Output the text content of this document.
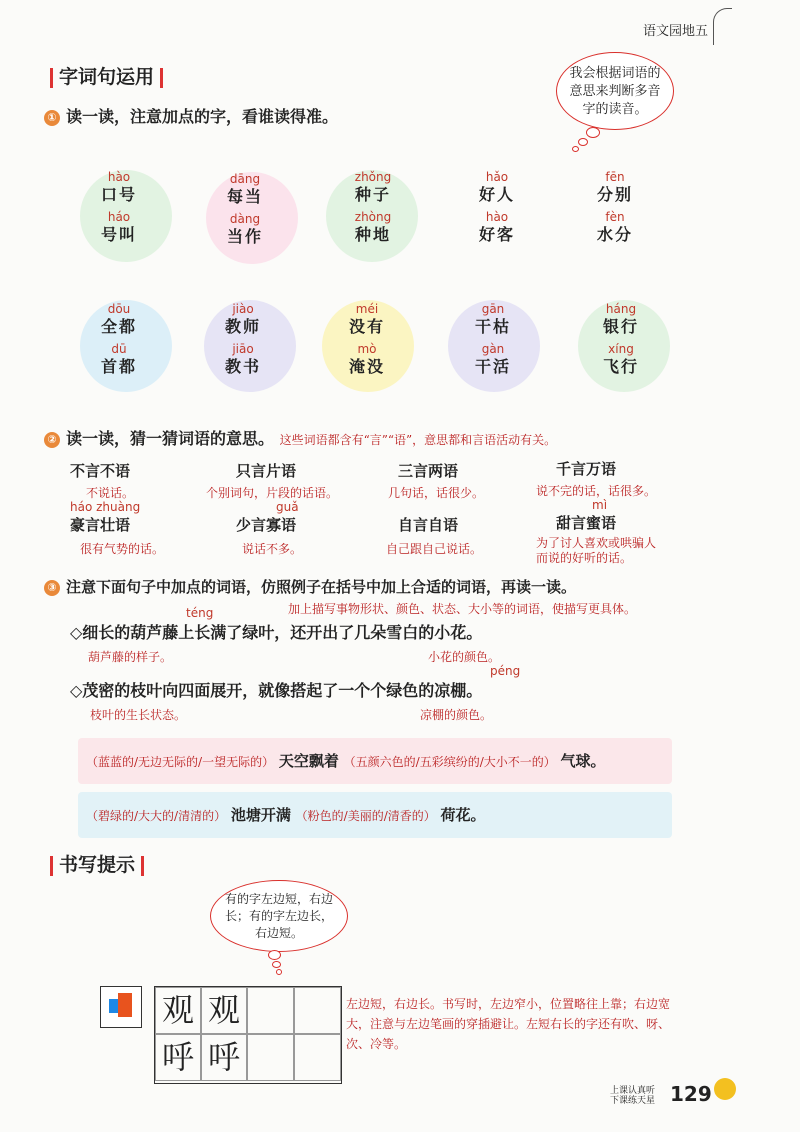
语文园地五
字词句运用	我会根据词语的意思来判断多音字的读音。
① 读一读，注意加点的字，看谁读得准。
hào
口号
háo
号叫
dāng
每当
dàng
当作
zhǒng
种子
zhòng
种地
hǎo
好人
hào
好客
fēn
分别
fèn
水分
dōu
全都
dū
首都
jiào
教师
jiāo
教书
méi
没有
mò
淹没
gān
干枯
gàn
干活
háng
银行
xíng
飞行
② 读一读，猜一猜词语的意思。 这些词语都含有“言”“语”，意思都和言语活动有关。
不言不语
不说话。
只言片语
个别词句，片段的话语。
三言两语
几句话，话很少。
千言万语
说不完的话，话很多。
háo zhuàng
豪言壮语
很有气势的话。
guǎ
少言寡语
说话不多。
自言自语
自己跟自己说话。
mì
甜言蜜语
为了讨人喜欢或哄骗人而说的好听的话。
③ 注意下面句子中加点的词语，仿照例子在括号中加上合适的词语，再读一读。
加上描写事物形状、颜色、状态、大小等的词语，使描写更具体。
téng
◇细长的葫芦藤上长满了绿叶，还开出了几朵雪白的小花。
葫芦藤的样子。	小花的颜色。
péng
◇茂密的枝叶向四面展开，就像搭起了一个个绿色的凉棚。
枝叶的生长状态。	凉棚的颜色。
（蓝蓝的/无边无际的/一望无际的） 天空飘着 （五颜六色的/五彩缤纷的/大小不一的） 气球。
（碧绿的/大大的/清清的） 池塘开满 （粉色的/美丽的/清香的） 荷花。
书写提示
有的字左边短，右边长；有的字左边长，右边短。
观 观
呼 呼
左边短，右边长。书写时，左边窄小，位置略往上靠；右边宽大，注意与左边笔画的穿插避让。左短右长的字还有吹、呀、次、冷等。
上课认真听
下课练天星 129
